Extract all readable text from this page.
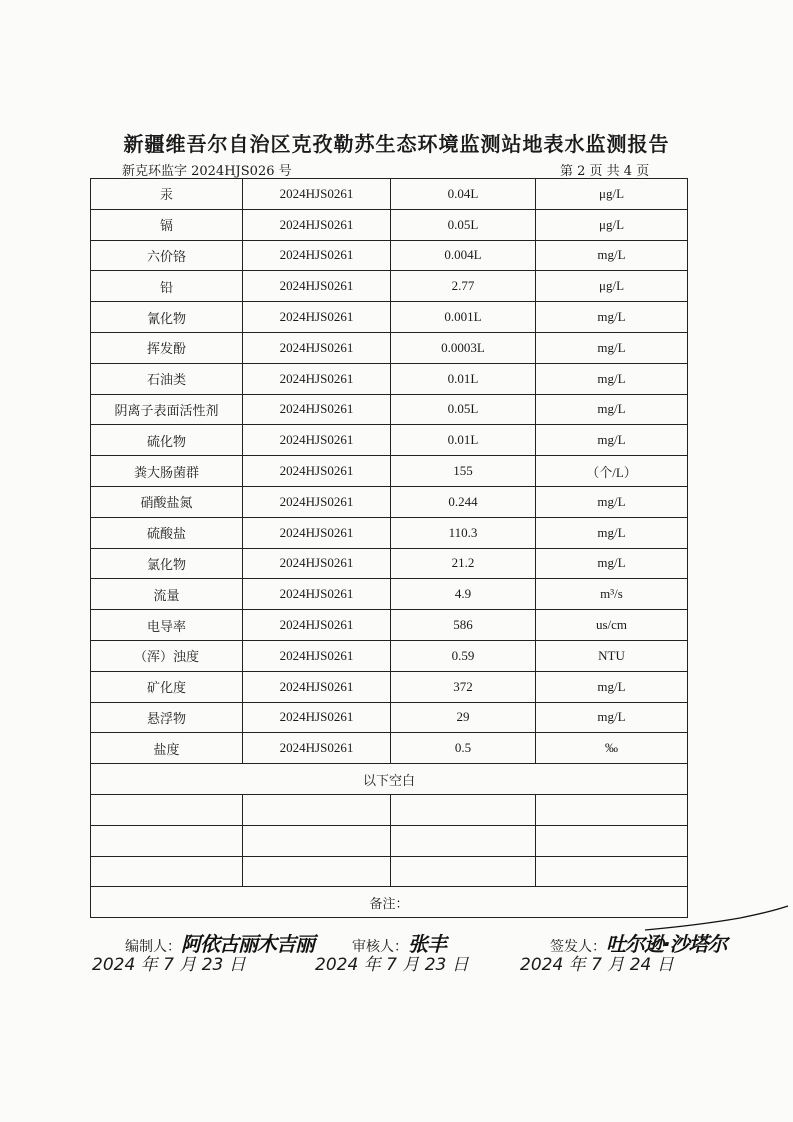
新疆维吾尔自治区克孜勒苏生态环境监测站地表水监测报告
新克环监字 2024HJS026 号	第 2 页 共 4 页
汞	2024HJS0261	0.04L	μg/L
镉	2024HJS0261	0.05L	μg/L
六价铬	2024HJS0261	0.004L	mg/L
铅	2024HJS0261	2.77	μg/L
氰化物	2024HJS0261	0.001L	mg/L
挥发酚	2024HJS0261	0.0003L	mg/L
石油类	2024HJS0261	0.01L	mg/L
阴离子表面活性剂	2024HJS0261	0.05L	mg/L
硫化物	2024HJS0261	0.01L	mg/L
粪大肠菌群	2024HJS0261	155	（个/L）
硝酸盐氮	2024HJS0261	0.244	mg/L
硫酸盐	2024HJS0261	110.3	mg/L
氯化物	2024HJS0261	21.2	mg/L
流量	2024HJS0261	4.9	m³/s
电导率	2024HJS0261	586	us/cm
（浑）浊度	2024HJS0261	0.59	NTU
矿化度	2024HJS0261	372	mg/L
悬浮物	2024HJS0261	29	mg/L
盐度	2024HJS0261	0.5	‰
以下空白			

备注：			
编制人：阿依古丽木吉丽	审核人：张丰	签发人：吐尔逊·沙塔尔
2024 年 7 月 23 日	2024 年 7 月 23 日	2024 年 7 月 24 日
